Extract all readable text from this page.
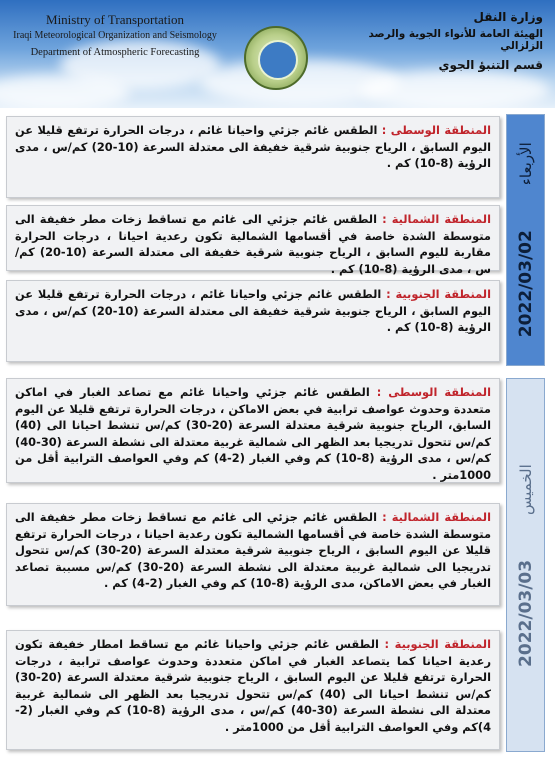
Ministry of Transportation
Iraqi Meteorological Organization and Seismology
Department of Atmospheric Forecasting
وزارة النقل
الهيئة العامة للأنواء الجوية والرصد الزلزالي
قسم التنبؤ الجوي
2022/03/02  الأربعاء
2022/03/03  الخميس
المنطقة الوسطى : الطقس غائم جزئي واحيانا غائم ، درجات الحرارة ترتفع قليلا عن اليوم السابق ، الرياح جنوبية شرقية خفيفة الى معتدلة السرعة (10-20) كم/س ، مدى الرؤية (8-10) كم .
المنطقة الشمالية : الطقس غائم جزئي الى غائم مع تساقط زخات مطر خفيفة الى متوسطة الشدة خاصة في أقسامها الشمالية تكون رعدية احيانا ، درجات الحرارة مقاربة لليوم السابق ، الرياح جنوبية شرقية خفيفة الى معتدلة السرعة (10-20) كم/س ، مدى الرؤية (8-10) كم .
المنطقة الجنوبية : الطقس غائم جزئي واحيانا غائم ، درجات الحرارة ترتفع قليلا عن اليوم السابق ، الرياح جنوبية شرقية خفيفة الى معتدلة السرعة (10-20) كم/س ، مدى الرؤية (8-10) كم .
المنطقة الوسطى : الطقس غائم جزئي واحيانا غائم مع تصاعد الغبار في اماكن متعددة وحدوث عواصف ترابية في بعض الاماكن ، درجات الحرارة ترتفع قليلا عن اليوم السابق، الرياح جنوبية شرقية معتدلة السرعة (20-30) كم/س تنشط احيانا الى (40) كم/س تتحول تدريجيا بعد الظهر الى شمالية غربية معتدلة الى نشطة السرعة (30-40) كم/س ، مدى الرؤية (8-10) كم وفي الغبار (2-4) كم وفي العواصف الترابية أقل من 1000متر .
المنطقة الشمالية : الطقس غائم جزئي الى غائم مع تساقط زخات مطر خفيفة الى متوسطة الشدة خاصة في أقسامها الشمالية تكون رعدية احيانا ، درجات الحرارة ترتفع قليلا عن اليوم السابق ، الرياح جنوبية شرقية معتدلة السرعة (20-30) كم/س تتحول تدريجيا الى شمالية غربية معتدلة الى نشطة السرعة (20-30) كم/س مسببة تصاعد الغبار في بعض الاماكن، مدى الرؤية (8-10) كم وفي الغبار (2-4) كم .
المنطقة الجنوبية : الطقس غائم جزئي واحيانا غائم مع تساقط امطار خفيفة تكون رعدية احيانا كما يتصاعد الغبار في اماكن متعددة وحدوث عواصف ترابية ، درجات الحرارة ترتفع قليلا عن اليوم السابق ، الرياح جنوبية شرقية معتدلة السرعة (20-30) كم/س تنشط احيانا الى (40) كم/س تتحول تدريجيا بعد الظهر الى شمالية غربية معتدلة الى نشطة السرعة (30-40) كم/س ، مدى الرؤية (8-10) كم وفي الغبار (2-4)كم وفي العواصف الترابية أقل من 1000متر .
